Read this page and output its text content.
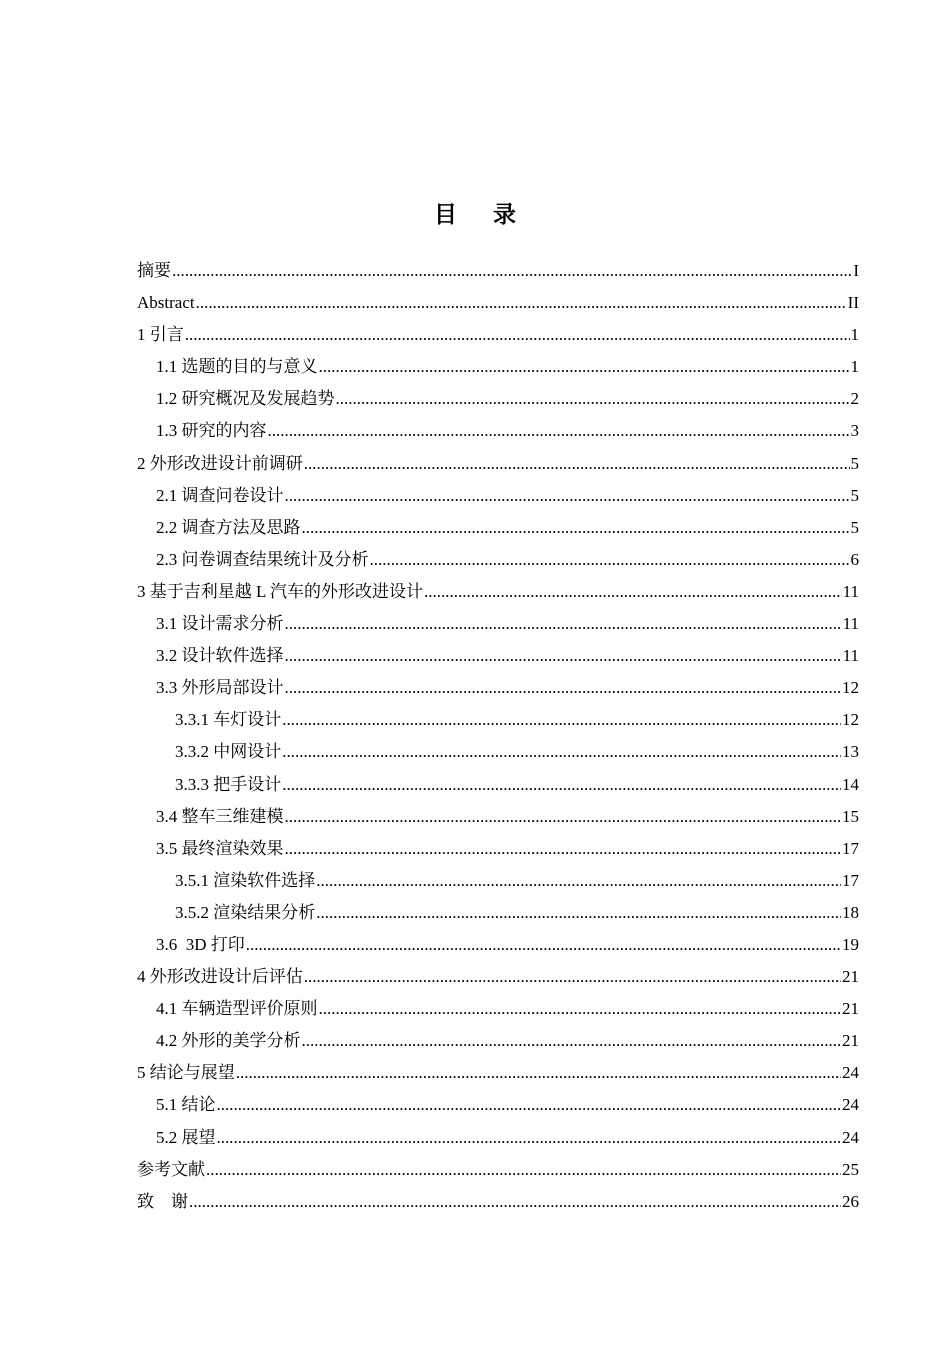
目 录
摘要 .....	I
Abstract .....	II
1 引言 .....	1
1.1 选题的目的与意义 .....	1
1.2 研究概况及发展趋势 .....	2
1.3 研究的内容 .....	3
2 外形改进设计前调研 .....	5
2.1 调查问卷设计 .....	5
2.2 调查方法及思路 .....	5
2.3 问卷调查结果统计及分析 .....	6
3 基于吉利星越 L 汽车的外形改进设计 .....	11
3.1 设计需求分析 .....	11
3.2 设计软件选择 .....	11
3.3 外形局部设计 .....	12
3.3.1 车灯设计 .....	12
3.3.2 中网设计 .....	13
3.3.3 把手设计 .....	14
3.4 整车三维建模 .....	15
3.5 最终渲染效果 .....	17
3.5.1 渲染软件选择 .....	17
3.5.2 渲染结果分析 .....	18
3.6  3D 打印 .....	19
4 外形改进设计后评估 .....	21
4.1 车辆造型评价原则 .....	21
4.2 外形的美学分析 .....	21
5 结论与展望 .....	24
5.1 结论 .....	24
5.2 展望 .....	24
参考文献 .....	25
致    谢 .....	26
